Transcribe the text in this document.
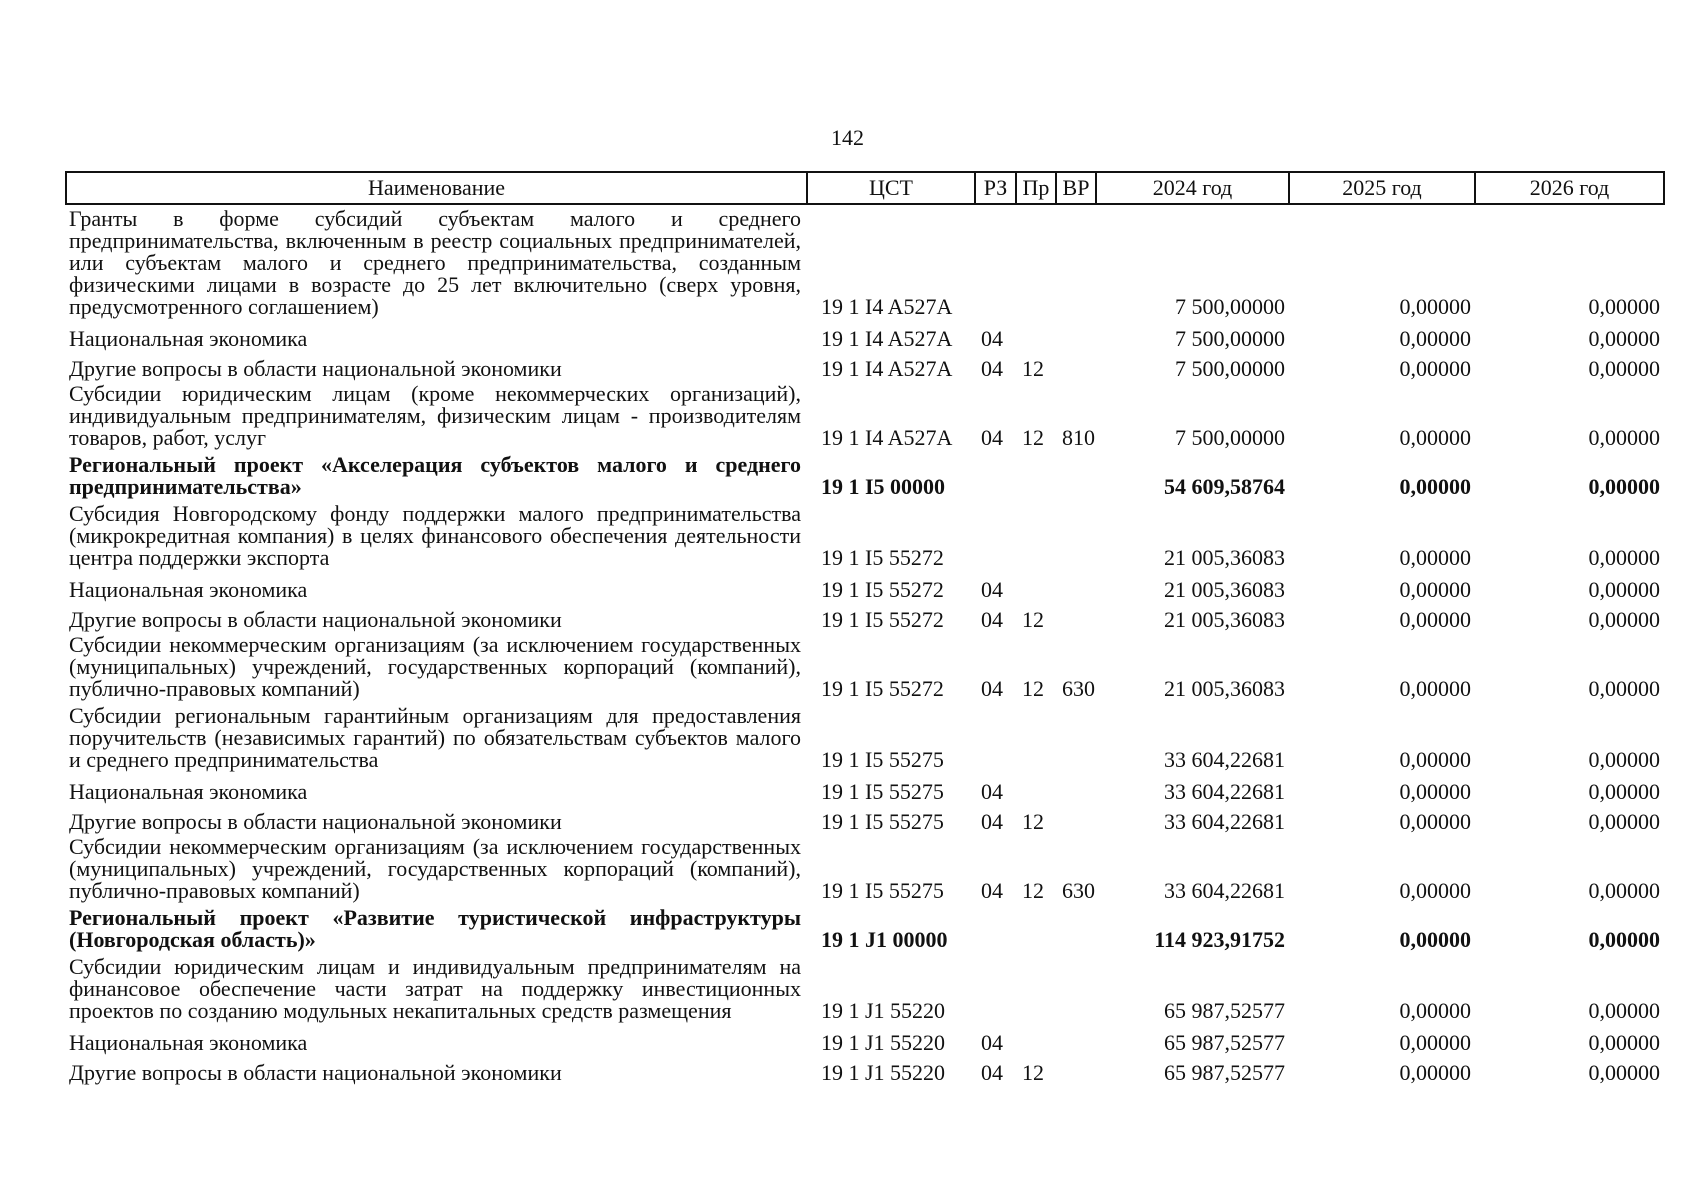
142
Наименование	ЦСТ	РЗ	Пр	ВР	2024 год	2025 год	2026 год

Гранты в форме субсидий субъектам малого и среднего предпринимательства, включенным в реестр социальных предпринимателей, или субъектам малого и среднего предпринимательства, созданным физическими лицами в возрасте до 25 лет включительно (сверх уровня, предусмотренного соглашением)	19 1 I4 A527A				7 500,00000	0,00000	0,00000
Национальная экономика	19 1 I4 A527A	04			7 500,00000	0,00000	0,00000
Другие вопросы в области национальной экономики	19 1 I4 A527A	04	12		7 500,00000	0,00000	0,00000

Субсидии юридическим лицам (кроме некоммерческих организаций), индивидуальным предпринимателям, физическим лицам - производителям товаров, работ, услуг	19 1 I4 A527A	04	12	810	7 500,00000	0,00000	0,00000

Региональный проект «Акселерация субъектов малого и среднего предпринимательства»	19 1 I5 00000				54 609,58764	0,00000	0,00000

Субсидия Новгородскому фонду поддержки малого предпринимательства (микрокредитная компания) в целях финансового обеспечения деятельности центра поддержки экспорта	19 1 I5 55272				21 005,36083	0,00000	0,00000
Национальная экономика	19 1 I5 55272	04			21 005,36083	0,00000	0,00000
Другие вопросы в области национальной экономики	19 1 I5 55272	04	12		21 005,36083	0,00000	0,00000

Субсидии некоммерческим организациям (за исключением государственных (муниципальных) учреждений, государственных корпораций (компаний), публично-правовых компаний)	19 1 I5 55272	04	12	630	21 005,36083	0,00000	0,00000

Субсидии региональным гарантийным организациям для предоставления поручительств (независимых гарантий) по обязательствам субъектов малого и среднего предпринимательства	19 1 I5 55275				33 604,22681	0,00000	0,00000
Национальная экономика	19 1 I5 55275	04			33 604,22681	0,00000	0,00000
Другие вопросы в области национальной экономики	19 1 I5 55275	04	12		33 604,22681	0,00000	0,00000

Субсидии некоммерческим организациям (за исключением государственных (муниципальных) учреждений, государственных корпораций (компаний), публично-правовых компаний)	19 1 I5 55275	04	12	630	33 604,22681	0,00000	0,00000

Региональный проект «Развитие туристической инфраструктуры (Новгородская область)»	19 1 J1 00000				114 923,91752	0,00000	0,00000

Субсидии юридическим лицам и индивидуальным предпринимателям на финансовое обеспечение части затрат на поддержку инвестиционных проектов по созданию модульных некапитальных средств размещения	19 1 J1 55220				65 987,52577	0,00000	0,00000
Национальная экономика	19 1 J1 55220	04			65 987,52577	0,00000	0,00000
Другие вопросы в области национальной экономики	19 1 J1 55220	04	12		65 987,52577	0,00000	0,00000
